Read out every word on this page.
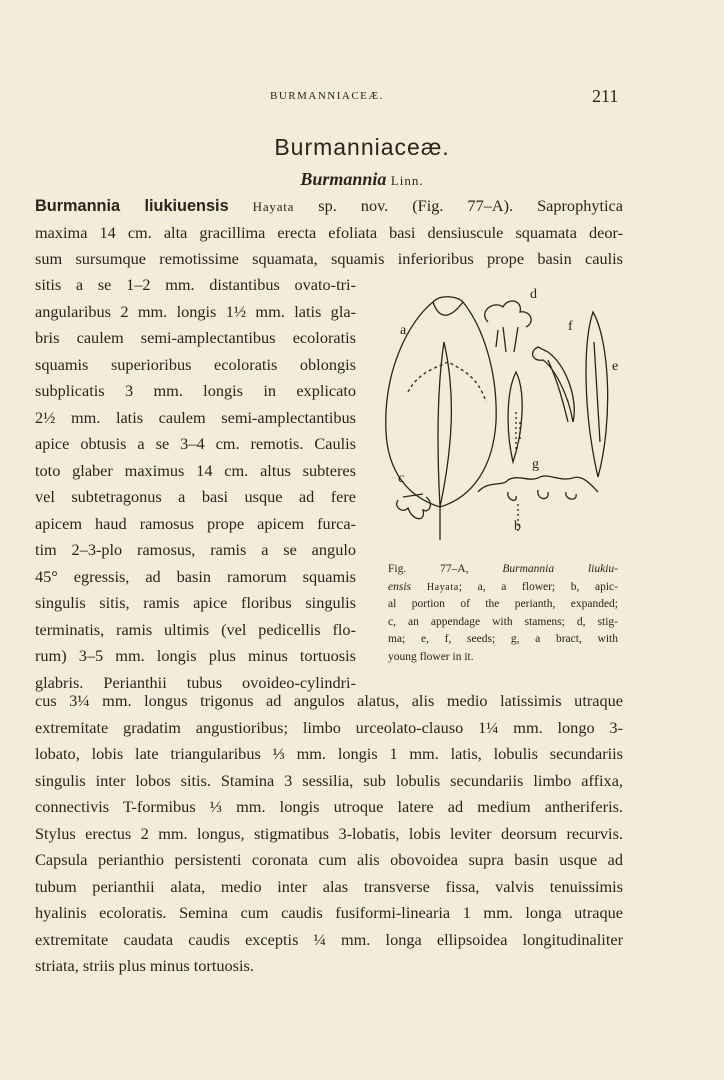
BURMANNIACEÆ.	211
Burmanniaceæ.
Burmannia Linn.
Burmannia liukiuensis Hayata sp. nov. (Fig. 77–A). Saprophytica
maxima 14 cm. alta gracillima erecta efoliata basi densiuscule squamata deor-
sum sursumque remotissime squamata, squamis inferioribus prope basin caulis
sitis a se 1–2 mm. distantibus ovato-tri-
angularibus 2 mm. longis 1½ mm. latis gla-
bris caulem semi-amplectantibus ecoloratis
squamis superioribus ecoloratis oblongis
subplicatis 3 mm. longis in explicato
2½ mm. latis caulem semi-amplectantibus
apice obtusis a se 3–4 cm. remotis. Caulis
toto glaber maximus 14 cm. altus subteres
vel subtetragonus a basi usque ad fere
apicem haud ramosus prope apicem furca-
tim 2–3-plo ramosus, ramis a se angulo
45° egressis, ad basin ramorum squamis
singulis sitis, ramis apice floribus singulis
terminatis, ramis ultimis (vel pedicellis flo-
rum) 3–5 mm. longis plus minus tortuosis
glabris. Perianthii tubus ovoideo-cylindri-
a
b
c
d
e
f
g
Fig. 77–A, Burmannia liukiu-
ensis Hayata; a, a flower; b, apic-
al portion of the perianth, expanded;
c, an appendage with stamens; d, stig-
ma; e, f, seeds; g, a bract, with
young flower in it.
cus 3¼ mm. longus trigonus ad angulos alatus, alis medio latissimis utraque
extremitate gradatim angustioribus; limbo urceolato-clauso 1¼ mm. longo 3-
lobato, lobis late triangularibus ⅓ mm. longis 1 mm. latis, lobulis secundariis
singulis inter lobos sitis. Stamina 3 sessilia, sub lobulis secundariis limbo affixa,
connectivis T-formibus ⅓ mm. longis utroque latere ad medium antheriferis.
Stylus erectus 2 mm. longus, stigmatibus 3-lobatis, lobis leviter deorsum recurvis.
Capsula perianthio persistenti coronata cum alis obovoidea supra basin usque ad
tubum perianthii alata, medio inter alas transverse fissa, valvis tenuissimis
hyalinis ecoloratis. Semina cum caudis fusiformi-linearia 1 mm. longa utraque
extremitate caudata caudis exceptis ¼ mm. longa ellipsoidea longitudinaliter
striata, striis plus minus tortuosis.
